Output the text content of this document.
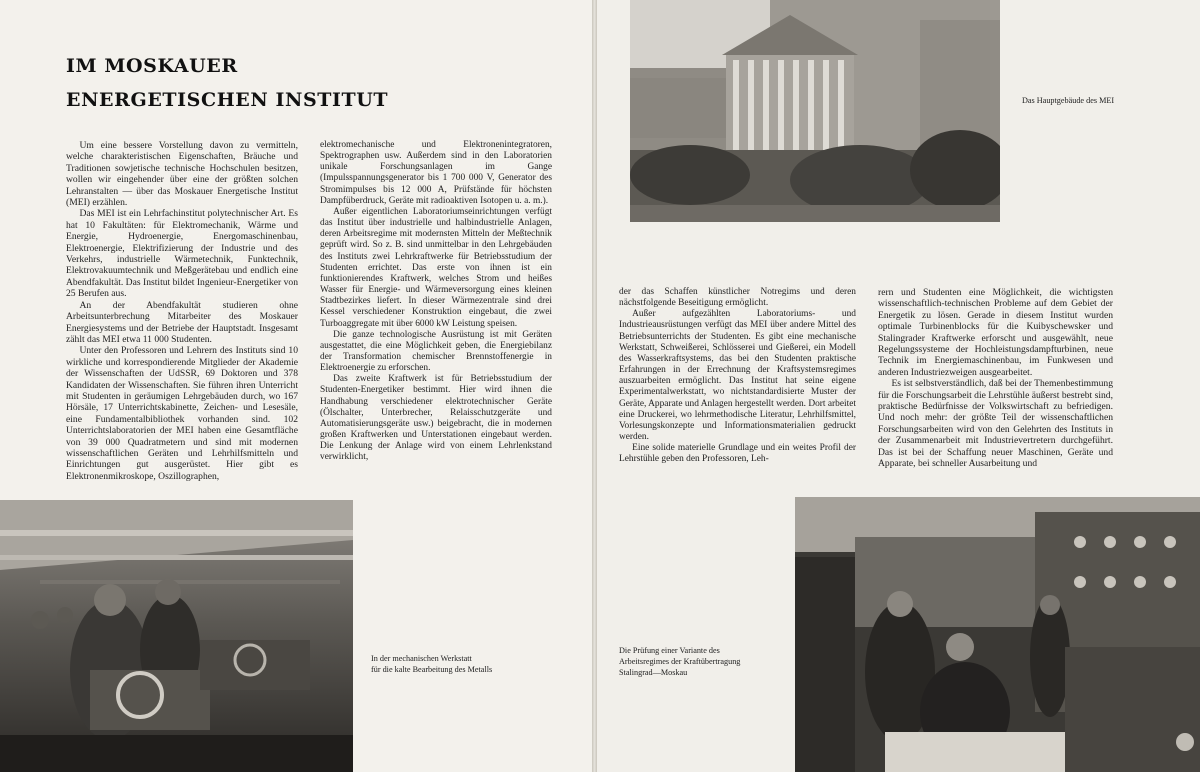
IM MOSKAUER
ENERGETISCHEN INSTITUT

Um eine bessere Vorstellung davon zu vermitteln, welche charakteristischen Eigenschaften, Bräuche und Traditionen sowjetische technische Hochschulen besitzen, wollen wir eingehender über eine der größten solchen Lehranstalten — über das Moskauer Energetische Institut (MEI) erzählen.

Das MEI ist ein Lehrfachinstitut polytechnischer Art. Es hat 10 Fakultäten: für Elektromechanik, Wärme und Energie, Hydroenergie, Energomaschinenbau, Elektroenergie, Elektrifizierung der Industrie und des Verkehrs, industrielle Wärmetechnik, Funktechnik, Elektrovakuumtechnik und Meßgerätebau und endlich eine Abendfakultät. Das Institut bildet Ingenieur-Energetiker von 25 Berufen aus.

An der Abendfakultät studieren ohne Arbeitsunterbrechung Mitarbeiter des Moskauer Energiesystems und der Betriebe der Hauptstadt. Insgesamt zählt das MEI etwa 11 000 Studenten.

Unter den Professoren und Lehrern des Instituts sind 10 wirkliche und korrespondierende Mitglieder der Akademie der Wissenschaften der UdSSR, 69 Doktoren und 378 Kandidaten der Wissenschaften. Sie führen ihren Unterricht mit Studenten in geräumigen Lehrgebäuden durch, wo 167 Hörsäle, 17 Unterrichtskabinette, Zeichen- und Lesesäle, eine Fundamentalbibliothek vorhanden sind. 102 Unterrichtslaboratorien der MEI haben eine Gesamtfläche von 39 000 Quadratmetern und sind mit modernen wissenschaftlichen Geräten und Lehrhilfsmitteln und Einrichtungen gut ausgerüstet. Hier gibt es Elektronenmikroskope, Oszillographen,

elektromechanische und Elektronenintegratoren, Spektrographen usw. Außerdem sind in den Laboratorien unikale Forschungsanlagen im Gange (Impulsspannungsgenerator bis 1 700 000 V, Generator des Stromimpulses bis 12 000 A, Prüfstände für höchsten Dampfüberdruck, Geräte mit radioaktiven Isotopen u. a. m.).

Außer eigentlichen Laboratoriumseinrichtungen verfügt das Institut über industrielle und halbindustrielle Anlagen, deren Arbeitsregime mit modernsten Mitteln der Meßtechnik geprüft wird. So z. B. sind unmittelbar in den Lehrgebäuden des Instituts zwei Lehrkraftwerke für Betriebsstudium der Studenten errichtet. Das erste von ihnen ist ein funktionierendes Kraftwerk, welches Strom und heißes Wasser für Energie- und Wärmeversorgung eines kleinen Stadtbezirkes liefert. In dieser Wärmezentrale sind drei Kessel verschiedener Konstruktion eingebaut, die zwei Turboaggregate mit über 6000 kW Leistung speisen.

Die ganze technologische Ausrüstung ist mit Geräten ausgestattet, die eine Möglichkeit geben, die Energiebilanz der Transformation chemischer Brennstoffenergie in Elektroenergie zu erforschen.

Das zweite Kraftwerk ist für Betriebsstudium der Studenten-Energetiker bestimmt. Hier wird ihnen die Handhabung verschiedener elektrotechnischer Geräte (Ölschalter, Unterbrecher, Relaisschutzgeräte und Automatisierungsgeräte usw.) beigebracht, die in modernen großen Kraftwerken und Unterstationen eingebaut werden. Die Lenkung der Anlage wird von einem Lehrlenkstand verwirklicht,

In der mechanischen Werkstatt
für die kalte Bearbeitung des Metalls
Das Hauptgebäude des MEI

der das Schaffen künstlicher Notregims und deren nächstfolgende Beseitigung ermöglicht.

Außer aufgezählten Laboratoriums- und Industrieausrüstungen verfügt das MEI über andere Mittel des Betriebsunterrichts der Studenten. Es gibt eine mechanische Werkstatt, Schweißerei, Schlösserei und Gießerei, ein Modell des Wasserkraftsystems, das bei den Studenten praktische Erfahrungen in der Errechnung der Kraftsystemsregimes auszuarbeiten ermöglicht. Das Institut hat seine eigene Experimentalwerkstatt, wo nichtstandardisierte Muster der Geräte, Apparate und Anlagen hergestellt werden. Dort arbeitet eine Druckerei, wo lehrmethodische Literatur, Lehrhilfsmittel, Vorlesungskonzepte und Informationsmaterialien gedruckt werden.

Eine solide materielle Grundlage und ein weites Profil der Lehrstühle geben den Professoren, Leh-

rern und Studenten eine Möglichkeit, die wichtigsten wissenschaftlich-technischen Probleme auf dem Gebiet der Energetik zu lösen. Gerade in diesem Institut wurden optimale Turbinenblocks für die Kuibyschewsker und Stalingrader Kraftwerke erforscht und ausgewählt, neue Regelungssysteme der Hochleistungsdampfturbinen, neue Technik im Energiemaschinenbau, im Funkwesen und anderen Industriezweigen ausgearbeitet.

Es ist selbstverständlich, daß bei der Themenbestimmung für die Forschungsarbeit die Lehrstühle äußerst bestrebt sind, praktische Bedürfnisse der Volkswirtschaft zu befriedigen. Und noch mehr: der größte Teil der wissenschaftlichen Forschungsarbeiten wird von den Gelehrten des Instituts in der Zusammenarbeit mit Industrievertretern durchgeführt. Das ist bei der Schaffung neuer Maschinen, Geräte und Apparate, bei schneller Ausarbeitung und

Die Prüfung einer Variante des
Arbeitsregimes der Kraftübertragung
Stalingrad—Moskau
